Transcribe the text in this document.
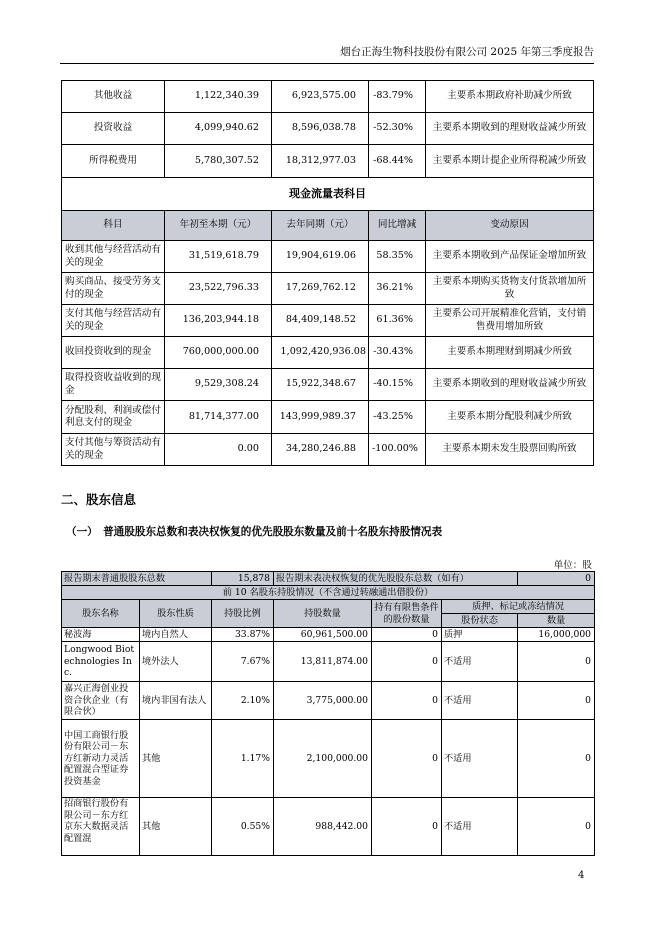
烟台正海生物科技股份有限公司 2025 年第三季度报告
其他收益	1,122,340.39	6,923,575.00	-83.79%	主要系本期政府补助减少所致
投资收益	4,099,940.62	8,596,038.78	-52.30%	主要系本期收到的理财收益减少所致
所得税费用	5,780,307.52	18,312,977.03	-68.44%	主要系本期计提企业所得税减少所致
现金流量表科目				
科目	年初至本期（元）	去年同期（元）	同比增减	变动原因
收到其他与经营活动有关的现金	31,519,618.79	19,904,619.06	58.35%	主要系本期收到产品保证金增加所致
购买商品、接受劳务支付的现金	23,522,796.33	17,269,762.12	36.21%	主要系本期购买货物支付货款增加所致
支付其他与经营活动有关的现金	136,203,944.18	84,409,148.52	61.36%	主要系公司开展精准化营销，支付销售费用增加所致
收回投资收到的现金	760,000,000.00	1,092,420,936.08	-30.43%	主要系本期理财到期减少所致
取得投资收益收到的现金	9,529,308.24	15,922,348.67	-40.15%	主要系本期收到的理财收益减少所致
分配股利、利润或偿付利息支付的现金	81,714,377.00	143,999,989.37	-43.25%	主要系本期分配股利减少所致
支付其他与筹资活动有关的现金	0.00	34,280,246.88	-100.00%	主要系本期未发生股票回购所致
二、股东信息
（一）　普通股股东总数和表决权恢复的优先股股东数量及前十名股东持股情况表
单位：股
报告期末普通股股东总数		15,878	报告期末表决权恢复的优先股股东总数（如有）			0
前 10 名股东持股情况（不含通过转融通出借股份）						
股东名称	股东性质	持股比例	持股数量	持有有限售条件的股份数量	质押、标记或冻结情况	
					股份状态	数量
秘波海	境内自然人	33.87%	60,961,500.00	0	质押	16,000,000
Longwood Biotechnologies Inc.	境外法人	7.67%	13,811,874.00	0	不适用	0
嘉兴正海创业投资合伙企业（有限合伙）	境内非国有法人	2.10%	3,775,000.00	0	不适用	0
中国工商银行股份有限公司－东方红新动力灵活配置混合型证券投资基金	其他	1.17%	2,100,000.00	0	不适用	0
招商银行股份有限公司－东方红京东大数据灵活配置混	其他	0.55%	988,442.00	0	不适用	0
4
